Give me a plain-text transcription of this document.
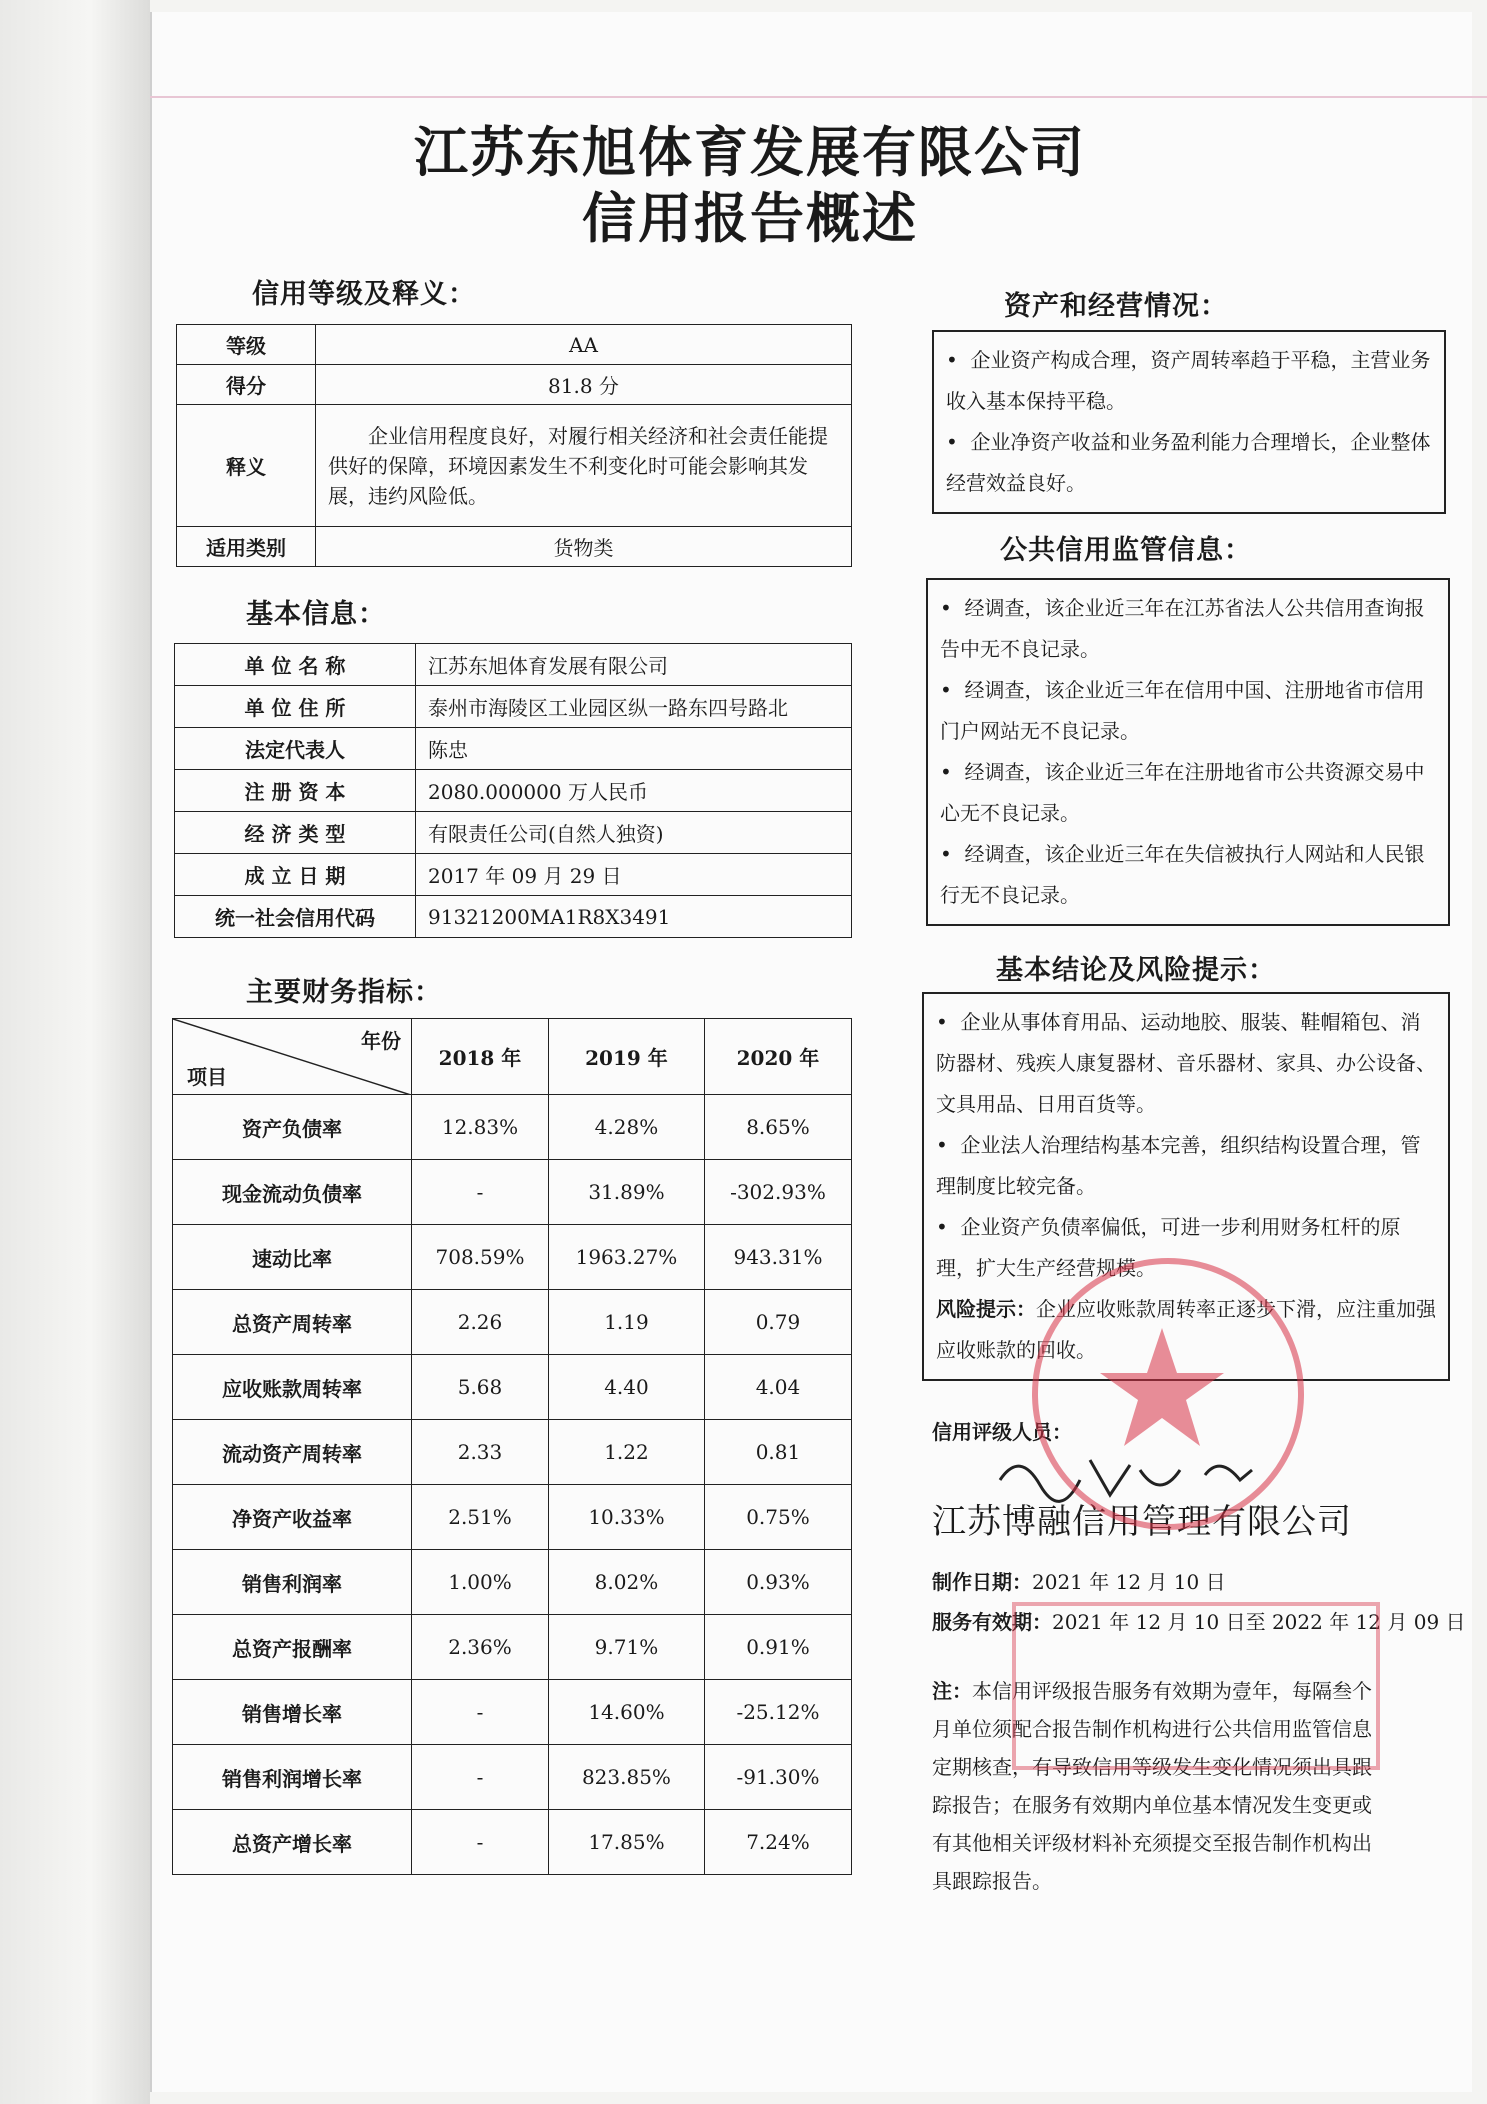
江苏东旭体育发展有限公司
信用报告概述
信用等级及释义：
等级	AA
得分	81.8 分
释义	企业信用程度良好，对履行相关经济和社会责任能提供好的保障，环境因素发生不利变化时可能会影响其发展，违约风险低。
适用类别	货物类
基本信息：
单 位 名 称	江苏东旭体育发展有限公司
单 位 住 所	泰州市海陵区工业园区纵一路东四号路北
法定代表人	陈忠
注 册 资 本	2080.000000 万人民币
经 济 类 型	有限责任公司(自然人独资)
成 立 日 期	2017 年 09 月 29 日
统一社会信用代码	91321200MA1R8X3491
主要财务指标：
年份
项目	2018 年	2019 年	2020 年
资产负债率	12.83%	4.28%	8.65%
现金流动负债率	-	31.89%	-302.93%
速动比率	708.59%	1963.27%	943.31%
总资产周转率	2.26	1.19	0.79
应收账款周转率	5.68	4.40	4.04
流动资产周转率	2.33	1.22	0.81
净资产收益率	2.51%	10.33%	0.75%
销售利润率	1.00%	8.02%	0.93%
总资产报酬率	2.36%	9.71%	0.91%
销售增长率	-	14.60%	-25.12%
销售利润增长率	-	823.85%	-91.30%
总资产增长率	-	17.85%	7.24%
资产和经营情况：

• 企业资产构成合理，资产周转率趋于平稳，主营业务收入基本保持平稳。

• 企业净资产收益和业务盈利能力合理增长，企业整体经营效益良好。

公共信用监管信息：

• 经调查，该企业近三年在江苏省法人公共信用查询报告中无不良记录。

• 经调查，该企业近三年在信用中国、注册地省市信用门户网站无不良记录。

• 经调查，该企业近三年在注册地省市公共资源交易中心无不良记录。

• 经调查，该企业近三年在失信被执行人网站和人民银行无不良记录。

基本结论及风险提示：

• 企业从事体育用品、运动地胶、服装、鞋帽箱包、消防器材、残疾人康复器材、音乐器材、家具、办公设备、文具用品、日用百货等。

• 企业法人治理结构基本完善，组织结构设置合理，管理制度比较完备。

• 企业资产负债率偏低，可进一步利用财务杠杆的原理，扩大生产经营规模。

风险提示：企业应收账款周转率正逐步下滑，应注重加强应收账款的回收。

信用评级人员：
江苏博融信用管理有限公司
制作日期：2021 年 12 月 10 日
服务有效期：2021 年 12 月 10 日至 2022 年 12 月 09 日
注：本信用评级报告服务有效期为壹年，每隔叁个月单位须配合报告制作机构进行公共信用监管信息定期核查，有导致信用等级发生变化情况须出具跟踪报告；在服务有效期内单位基本情况发生变更或有其他相关评级材料补充须提交至报告制作机构出具跟踪报告。
